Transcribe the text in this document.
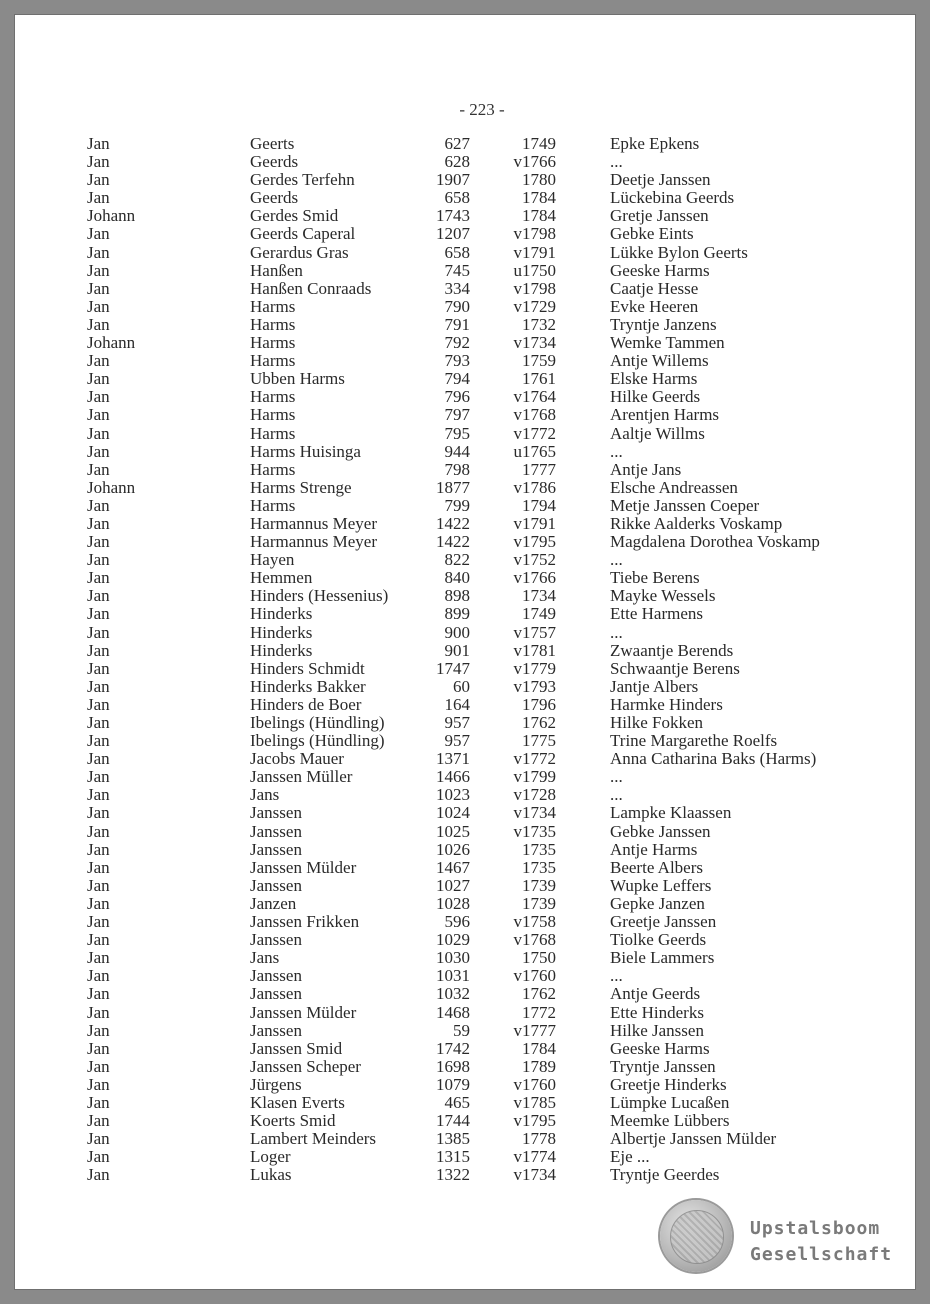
- 223 -
Jan	Geerts	627	1749	Epke Epkens
Jan	Geerds	628	v1766	...
Jan	Gerdes Terfehn	1907	1780	Deetje Janssen
Jan	Geerds	658	1784	Lückebina Geerds
Johann	Gerdes Smid	1743	1784	Gretje Janssen
Jan	Geerds Caperal	1207	v1798	Gebke Eints
Jan	Gerardus Gras	658	v1791	Lükke Bylon Geerts
Jan	Hanßen	745	u1750	Geeske Harms
Jan	Hanßen Conraads	334	v1798	Caatje Hesse
Jan	Harms	790	v1729	Evke Heeren
Jan	Harms	791	1732	Tryntje Janzens
Johann	Harms	792	v1734	Wemke Tammen
Jan	Harms	793	1759	Antje Willems
Jan	Ubben Harms	794	1761	Elske Harms
Jan	Harms	796	v1764	Hilke Geerds
Jan	Harms	797	v1768	Arentjen Harms
Jan	Harms	795	v1772	Aaltje Willms
Jan	Harms Huisinga	944	u1765	...
Jan	Harms	798	1777	Antje Jans
Johann	Harms Strenge	1877	v1786	Elsche Andreassen
Jan	Harms	799	1794	Metje Janssen Coeper
Jan	Harmannus Meyer	1422	v1791	Rikke Aalderks Voskamp
Jan	Harmannus Meyer	1422	v1795	Magdalena Dorothea Voskamp
Jan	Hayen	822	v1752	...
Jan	Hemmen	840	v1766	Tiebe Berens
Jan	Hinders (Hessenius)	898	1734	Mayke Wessels
Jan	Hinderks	899	1749	Ette Harmens
Jan	Hinderks	900	v1757	...
Jan	Hinderks	901	v1781	Zwaantje Berends
Jan	Hinders Schmidt	1747	v1779	Schwaantje Berens
Jan	Hinderks Bakker	60	v1793	Jantje Albers
Jan	Hinders de Boer	164	1796	Harmke Hinders
Jan	Ibelings (Hündling)	957	1762	Hilke Fokken
Jan	Ibelings (Hündling)	957	1775	Trine Margarethe Roelfs
Jan	Jacobs Mauer	1371	v1772	Anna Catharina Baks (Harms)
Jan	Janssen Müller	1466	v1799	...
Jan	Jans	1023	v1728	...
Jan	Janssen	1024	v1734	Lampke Klaassen
Jan	Janssen	1025	v1735	Gebke Janssen
Jan	Janssen	1026	1735	Antje Harms
Jan	Janssen Mülder	1467	1735	Beerte Albers
Jan	Janssen	1027	1739	Wupke Leffers
Jan	Janzen	1028	1739	Gepke Janzen
Jan	Janssen Frikken	596	v1758	Greetje Janssen
Jan	Janssen	1029	v1768	Tiolke Geerds
Jan	Jans	1030	1750	Biele Lammers
Jan	Janssen	1031	v1760	...
Jan	Janssen	1032	1762	Antje Geerds
Jan	Janssen Mülder	1468	1772	Ette Hinderks
Jan	Janssen	59	v1777	Hilke Janssen
Jan	Janssen Smid	1742	1784	Geeske Harms
Jan	Janssen Scheper	1698	1789	Tryntje Janssen
Jan	Jürgens	1079	v1760	Greetje Hinderks
Jan	Klasen Everts	465	v1785	Lümpke Lucaßen
Jan	Koerts Smid	1744	v1795	Meemke Lübbers
Jan	Lambert Meinders	1385	1778	Albertje Janssen Mülder
Jan	Loger	1315	v1774	Eje ...
Jan	Lukas	1322	v1734	Tryntje Geerdes
Upstalsboom
Gesellschaft
